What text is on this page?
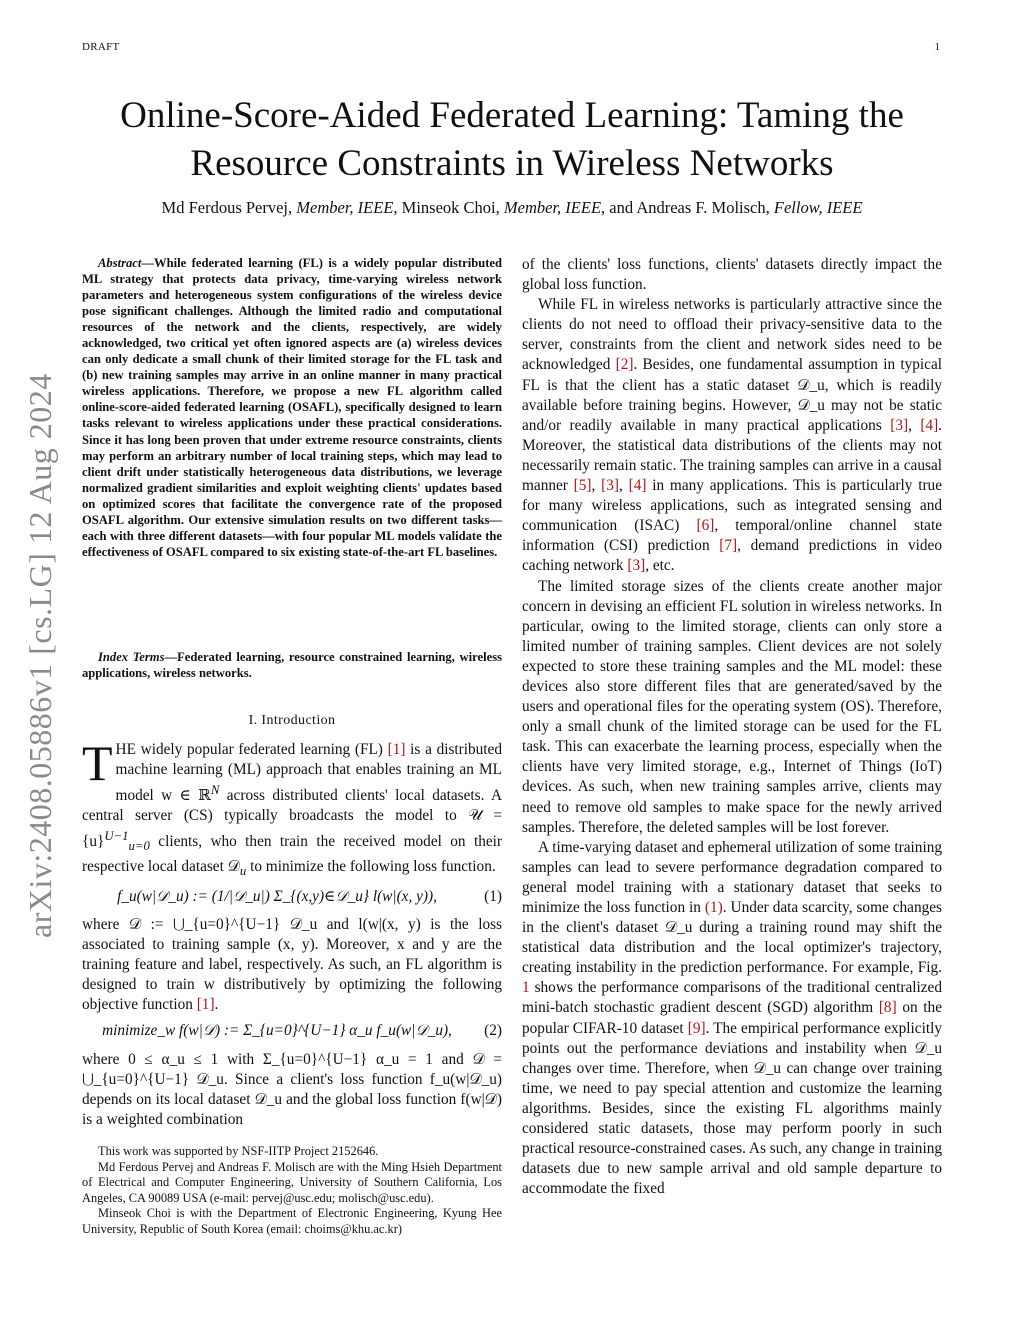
DRAFT	1
arXiv:2408.05886v1 [cs.LG] 12 Aug 2024
Online-Score-Aided Federated Learning: Taming the Resource Constraints in Wireless Networks
Md Ferdous Pervej, Member, IEEE, Minseok Choi, Member, IEEE, and Andreas F. Molisch, Fellow, IEEE

Abstract—While federated learning (FL) is a widely popular distributed ML strategy that protects data privacy, time-varying wireless network parameters and heterogeneous system configurations of the wireless device pose significant challenges. Although the limited radio and computational resources of the network and the clients, respectively, are widely acknowledged, two critical yet often ignored aspects are (a) wireless devices can only dedicate a small chunk of their limited storage for the FL task and (b) new training samples may arrive in an online manner in many practical wireless applications. Therefore, we propose a new FL algorithm called online-score-aided federated learning (OSAFL), specifically designed to learn tasks relevant to wireless applications under these practical considerations. Since it has long been proven that under extreme resource constraints, clients may perform an arbitrary number of local training steps, which may lead to client drift under statistically heterogeneous data distributions, we leverage normalized gradient similarities and exploit weighting clients' updates based on optimized scores that facilitate the convergence rate of the proposed OSAFL algorithm. Our extensive simulation results on two different tasks—each with three different datasets—with four popular ML models validate the effectiveness of OSAFL compared to six existing state-of-the-art FL baselines.

Index Terms—Federated learning, resource constrained learning, wireless applications, wireless networks.

I. Introduction

THE widely popular federated learning (FL) [1] is a distributed machine learning (ML) approach that enables training an ML model w ∈ ℝ$^N$ across distributed clients' local datasets. A central server (CS) typically broadcasts the model to 𝒰 = $\{u\}^{U-1}_{u=0}$ clients, who then train the received model on their respective local dataset 𝒟$_u$ to minimize the following loss function.

f_u(w|𝒟_u) := (1/|𝒟_u|) Σ_{(x,y)∈𝒟_u} l(w|(x, y)),	(1)

where 𝒟 := ⋃_{u=0}^{U−1} 𝒟_u and l(w|(x, y) is the loss associated to training sample (x, y). Moreover, x and y are the training feature and label, respectively. As such, an FL algorithm is designed to train w distributively by optimizing the following objective function [1].

minimize_w f(w|𝒟) := Σ_{u=0}^{U−1} α_u f_u(w|𝒟_u),	(2)

where 0 ≤ α_u ≤ 1 with Σ_{u=0}^{U−1} α_u = 1 and 𝒟 = ⋃_{u=0}^{U−1} 𝒟_u. Since a client's loss function f_u(w|𝒟_u) depends on its local dataset 𝒟_u and the global loss function f(w|𝒟) is a weighted combination

This work was supported by NSF-IITP Project 2152646.

Md Ferdous Pervej and Andreas F. Molisch are with the Ming Hsieh Department of Electrical and Computer Engineering, University of Southern California, Los Angeles, CA 90089 USA (e-mail: pervej@usc.edu; molisch@usc.edu).

Minseok Choi is with the Department of Electronic Engineering, Kyung Hee University, Republic of South Korea (email: choims@khu.ac.kr)

of the clients' loss functions, clients' datasets directly impact the global loss function.

While FL in wireless networks is particularly attractive since the clients do not need to offload their privacy-sensitive data to the server, constraints from the client and network sides need to be acknowledged [2]. Besides, one fundamental assumption in typical FL is that the client has a static dataset 𝒟_u, which is readily available before training begins. However, 𝒟_u may not be static and/or readily available in many practical applications [3], [4]. Moreover, the statistical data distributions of the clients may not necessarily remain static. The training samples can arrive in a causal manner [5], [3], [4] in many applications. This is particularly true for many wireless applications, such as integrated sensing and communication (ISAC) [6], temporal/online channel state information (CSI) prediction [7], demand predictions in video caching network [3], etc.

The limited storage sizes of the clients create another major concern in devising an efficient FL solution in wireless networks. In particular, owing to the limited storage, clients can only store a limited number of training samples. Client devices are not solely expected to store these training samples and the ML model: these devices also store different files that are generated/saved by the users and operational files for the operating system (OS). Therefore, only a small chunk of the limited storage can be used for the FL task. This can exacerbate the learning process, especially when the clients have very limited storage, e.g., Internet of Things (IoT) devices. As such, when new training samples arrive, clients may need to remove old samples to make space for the newly arrived samples. Therefore, the deleted samples will be lost forever.

A time-varying dataset and ephemeral utilization of some training samples can lead to severe performance degradation compared to general model training with a stationary dataset that seeks to minimize the loss function in (1). Under data scarcity, some changes in the client's dataset 𝒟_u during a training round may shift the statistical data distribution and the local optimizer's trajectory, creating instability in the prediction performance. For example, Fig. 1 shows the performance comparisons of the traditional centralized mini-batch stochastic gradient descent (SGD) algorithm [8] on the popular CIFAR-10 dataset [9]. The empirical performance explicitly points out the performance deviations and instability when 𝒟_u changes over time. Therefore, when 𝒟_u can change over training time, we need to pay special attention and customize the learning algorithms. Besides, since the existing FL algorithms mainly considered static datasets, those may perform poorly in such practical resource-constrained cases. As such, any change in training datasets due to new sample arrival and old sample departure to accommodate the fixed
